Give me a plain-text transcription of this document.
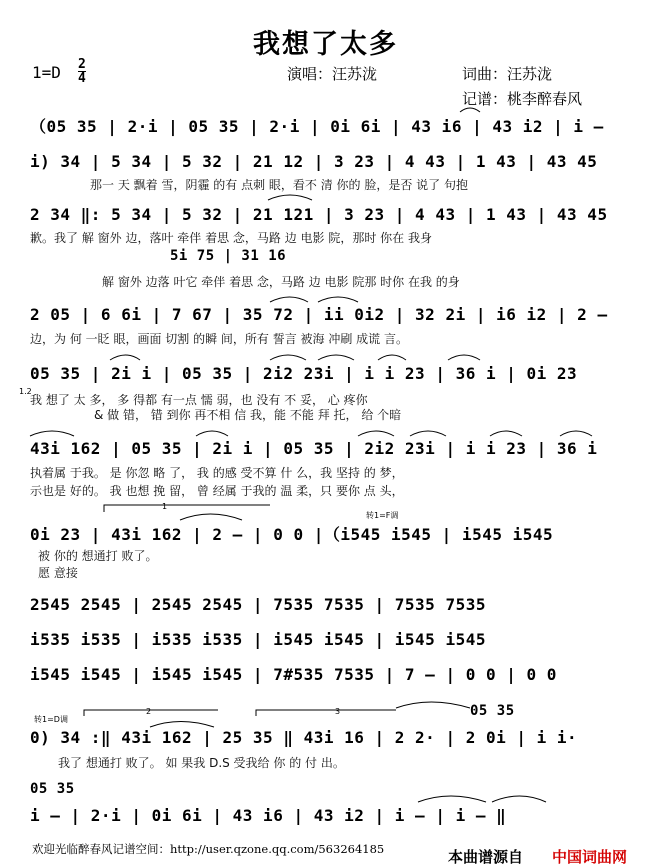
我想了太多
$1=D \frac{2}{4}$	演唱：汪苏泷	词曲：汪苏泷
记谱：桃李醉春风
（05 35 | 2·i | 05 35 | 2·i | 0i 6i | 43 i6 | 43 i2 | i –
i) 34 | 5 34 | 5 32 | 21 12 | 3 23 | 4 43 | 1 43 | 43 45
那一 天 飘着 雪，阴霾 的有 点刺 眼，看不 清 你的 脸，是否 说了 句抱
2 34 ‖: 5 34 | 5 32 | 21 121 | 3 23 | 4 43 | 1 43 | 43 45
歉。我了 解 窗外 边，落叶 牵伴 着思 念，马路 边 电影 院，那时 你在 我身
5i 75 | 31 16
解 窗外 边落 叶它 牵伴 着思 念，马路 边 电影 院那 时你 在我 的身
2 05 | 6 6i | 7 67 | 35 72 | ii 0i2 | 32 2i | i6 i2 | 2 –
边，为 何 一眨 眼，画面 切割 的瞬 间，所有 誓言 被海 冲刷 成谎 言。
1.2
05 35 | 2i i | 05 35 | 2i2 23i | i i 23 | 36 i | 0i 23
我 想了 太 多， 多 得都 有一点 懦 弱，也 没有 不 妥， 心 疼你
& 做 错， 错 到你 再不相 信 我，能 不能 拜 托， 给 个暗
43i 162 | 05 35 | 2i i | 05 35 | 2i2 23i | i i 23 | 36 i
执着属 于我。 是 你忽 略 了， 我 的感 受不算 什 么，我 坚持 的 梦，
示也是 好的。 我 也想 挽 留， 曾 经属 于我的 温 柔，只 要你 点 头，
1
转1=F调
0i 23 | 43i 162 | 2 – | 0 0 |（i545 i545 | i545 i545
被 你的 想通打 败了。
愿 意接
2545 2545 | 2545 2545 | 7535 7535 | 7535 7535
i535 i535 | i535 i535 | i545 i545 | i545 i545
i545 i545 | i545 i545 | 7#535 7535 | 7 – | 0 0 | 0 0
2	3
转1=D调
0) 34 :‖ 43i 162 | 25 35 ‖ 43i 16 | 2 2· | 2 0i | i i·
05 35
我了 想通打 败了。 如 果我 D.S 受我给 你 的 付 出。
05 35
i – | 2·i | 0i 6i | 43 i6 | 43 i2 | i – | i – ‖
欢迎光临醉春风记谱空间：http://user.qzone.qq.com/563264185	本曲谱源自 中国词曲网
